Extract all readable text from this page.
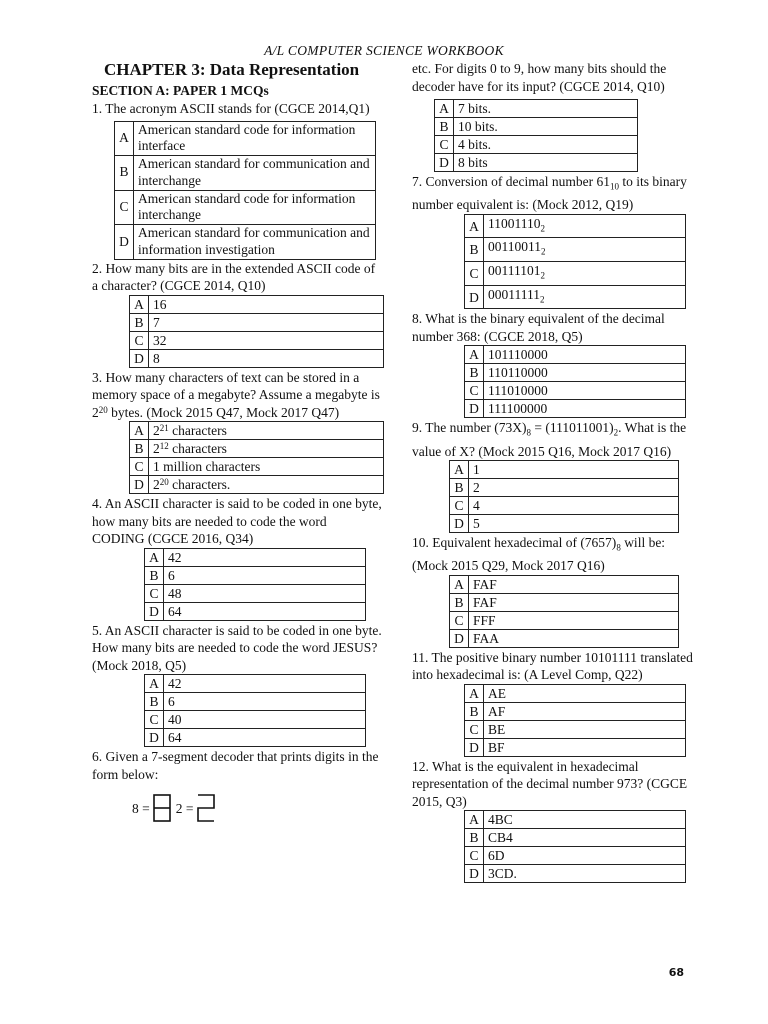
A/L COMPUTER SCIENCE WORKBOOK
CHAPTER 3: Data Representation
SECTION A: PAPER 1 MCQs
1. The acronym ASCII stands for (CGCE 2014,Q1)
A	American standard code for information interface
B	American standard for communication and interchange
C	American standard code for information interchange
D	American standard for communication and information investigation
2. How many bits are in the extended ASCII code of a character? (CGCE 2014, Q10)
A	16
B	7
C	32
D	8
3. How many characters of text can be stored in a memory space of a megabyte? Assume a megabyte is $2^{20}$ bytes. (Mock 2015 Q47, Mock 2017 Q47)
A	$2^{21}$ characters
B	$2^{12}$ characters
C	1 million characters
D	$2^{20}$ characters.
4. An ASCII character is said to be coded in one byte, how many bits are needed to code the word CODING (CGCE 2016, Q34)
A	42
B	6
C	48
D	64
5. An ASCII character is said to be coded in one byte. How many bits are needed to code the word JESUS? (Mock 2018, Q5)
A	42
B	6
C	40
D	64
6. Given a 7-segment decoder that prints digits in the form below:
8 = 2 =
etc. For digits 0 to 9, how many bits should the decoder have for its input? (CGCE 2014, Q10)
A	7 bits.
B	10 bits.
C	4 bits.
D	8 bits
7. Conversion of decimal number $61_{10}$ to its binary number equivalent is: (Mock 2012, Q19)
A	$11001110_2$
B	$00110011_2$
C	$00111101_2$
D	$00011111_2$
8. What is the binary equivalent of the decimal number 368: (CGCE 2018, Q5)
A	101110000
B	110110000
C	111010000
D	111100000
9. The number $(73X)_8 = (111011001)_2$. What is the value of X? (Mock 2015 Q16, Mock 2017 Q16)
A	1
B	2
C	4
D	5
10. Equivalent hexadecimal of $(7657)_8$ will be: (Mock 2015 Q29, Mock 2017 Q16)
A	FAF
B	FAF
C	FFF
D	FAA
11. The positive binary number 10101111 translated into hexadecimal is: (A Level Comp, Q22)
A	AE
B	AF
C	BE
D	BF
12. What is the equivalent in hexadecimal representation of the decimal number 973? (CGCE 2015, Q3)
A	4BC
B	CB4
C	6D
D	3CD.
68
